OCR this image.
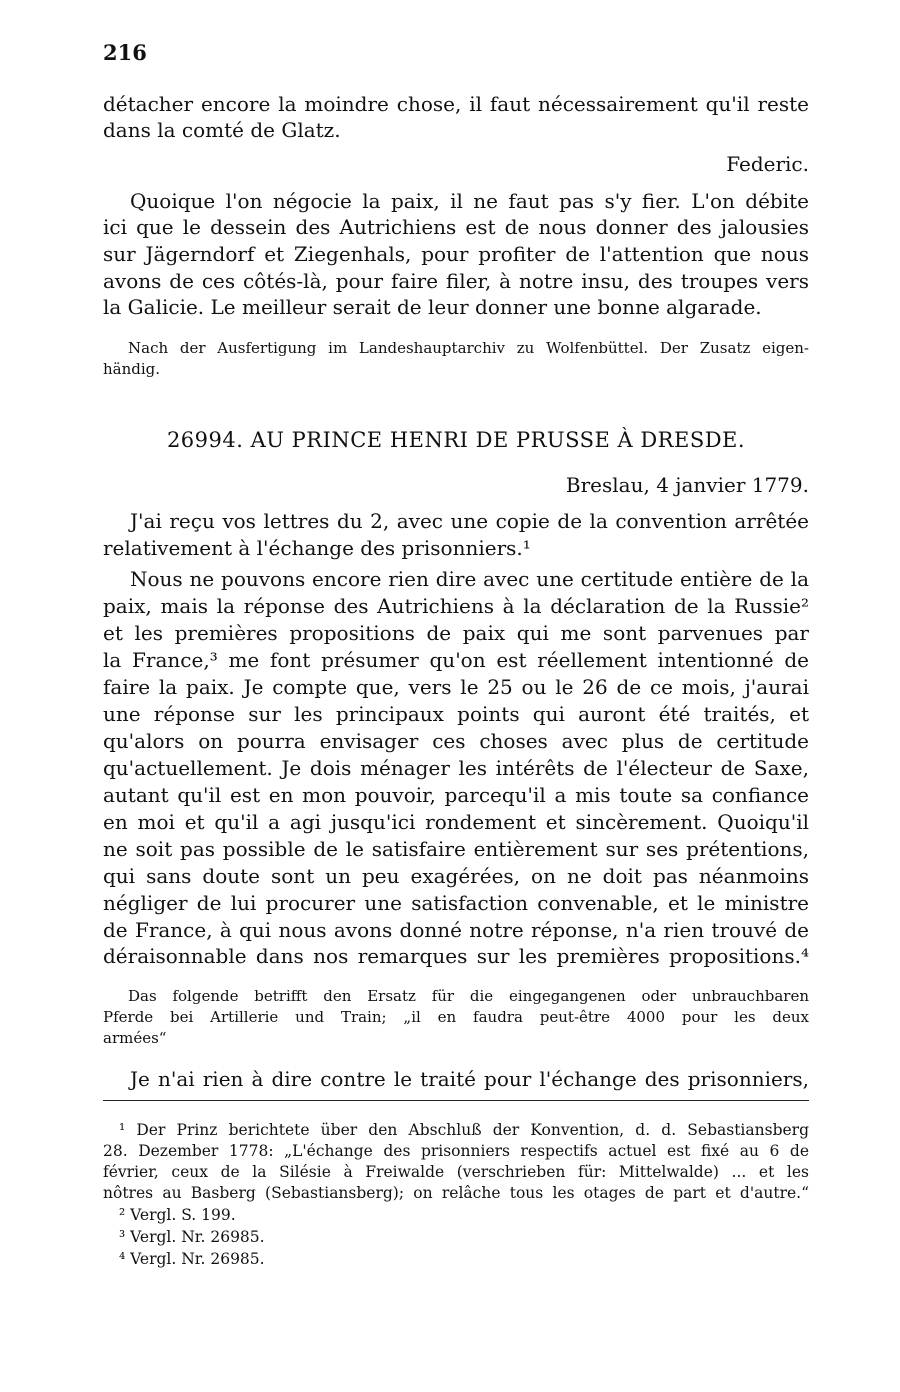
216
détacher encore la moindre chose, il faut nécessairement qu'il reste
dans la comté de Glatz.
Federic.
Quoique l'on négocie la paix, il ne faut pas s'y fier. L'on débite
ici que le dessein des Autrichiens est de nous donner des jalousies
sur Jägerndorf et Ziegenhals, pour profiter de l'attention que nous
avons de ces côtés-là, pour faire filer, à notre insu, des troupes vers
la Galicie. Le meilleur serait de leur donner une bonne algarade.
Nach der Ausfertigung im Landeshauptarchiv zu Wolfenbüttel. Der Zusatz eigen-
händig.
26994. AU PRINCE HENRI DE PRUSSE À DRESDE.
Breslau, 4 janvier 1779.
J'ai reçu vos lettres du 2, avec une copie de la convention arrêtée
relativement à l'échange des prisonniers.¹
Nous ne pouvons encore rien dire avec une certitude entière de la
paix, mais la réponse des Autrichiens à la déclaration de la Russie²
et les premières propositions de paix qui me sont parvenues par
la France,³ me font présumer qu'on est réellement intentionné de
faire la paix. Je compte que, vers le 25 ou le 26 de ce mois, j'aurai
une réponse sur les principaux points qui auront été traités, et
qu'alors on pourra envisager ces choses avec plus de certitude
qu'actuellement. Je dois ménager les intérêts de l'électeur de Saxe,
autant qu'il est en mon pouvoir, parcequ'il a mis toute sa confiance
en moi et qu'il a agi jusqu'ici rondement et sincèrement. Quoiqu'il
ne soit pas possible de le satisfaire entièrement sur ses prétentions,
qui sans doute sont un peu exagérées, on ne doit pas néanmoins
négliger de lui procurer une satisfaction convenable, et le ministre
de France, à qui nous avons donné notre réponse, n'a rien trouvé de
déraisonnable dans nos remarques sur les premières propositions.⁴
Das folgende betrifft den Ersatz für die eingegangenen oder unbrauchbaren
Pferde bei Artillerie und Train; „il en faudra peut-être 4000 pour les deux
armées“
Je n'ai rien à dire contre le traité pour l'échange des prisonniers,
¹ Der Prinz berichtete über den Abschluß der Konvention, d. d. Sebastiansberg
28. Dezember 1778: „L'échange des prisonniers respectifs actuel est fixé au 6 de
février, ceux de la Silésie à Freiwalde (verschrieben für: Mittelwalde) ... et les
nôtres au Basberg (Sebastiansberg); on relâche tous les otages de part et d'autre.“
² Vergl. S. 199.
³ Vergl. Nr. 26985.
⁴ Vergl. Nr. 26985.
